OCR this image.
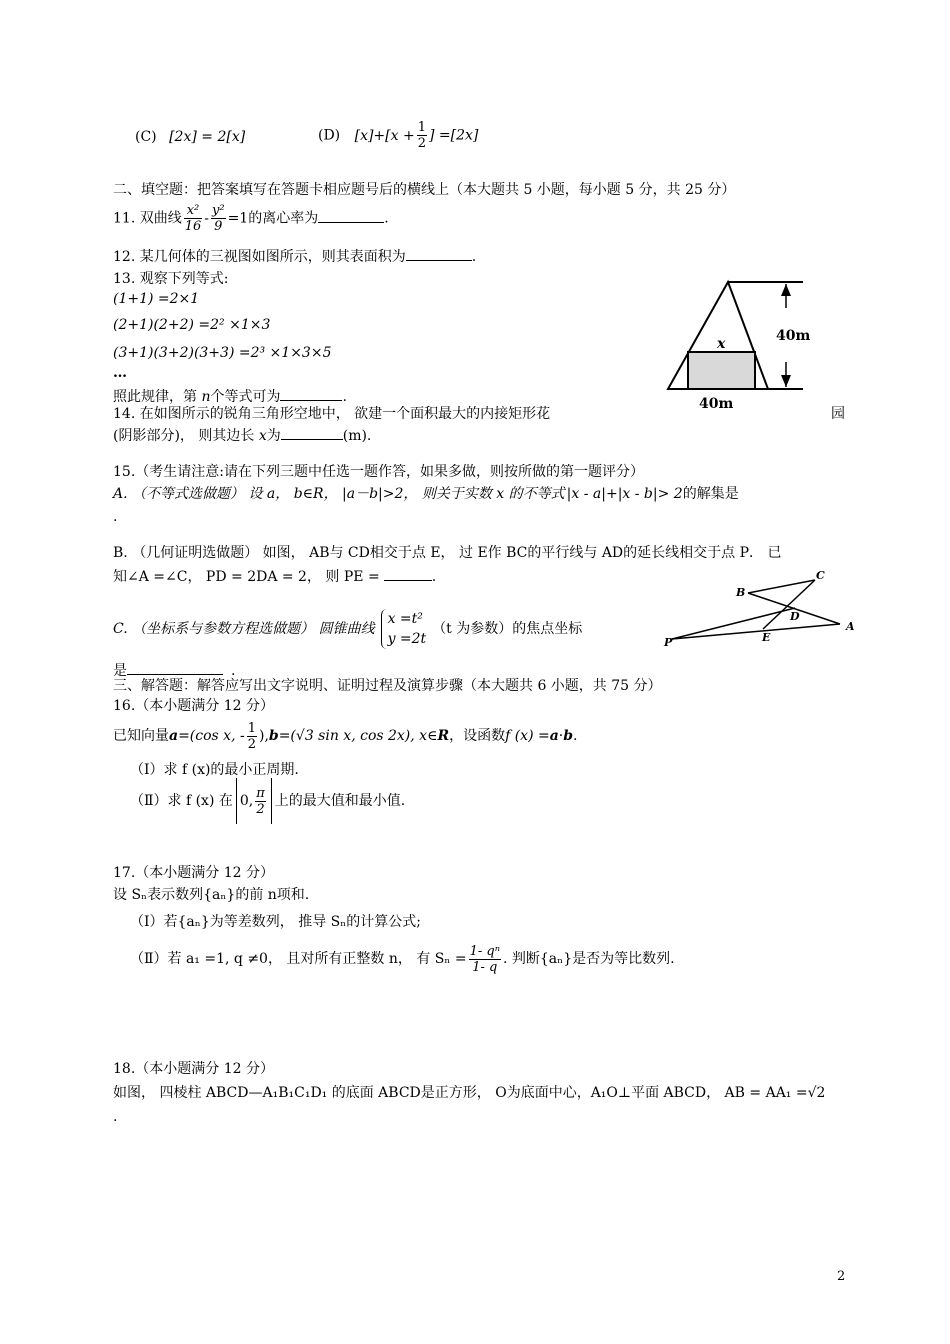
(C) [2x] = 2[x]	(D) $[x]+[x + \frac{1}{2}$ ] =[2x]
二、填空题：把答案填写在答题卡相应题号后的横线上（本大题共 5 小题，每小题 5 分，共 25 分）
11. 双曲线 $\frac{\text{x²}}{16} - \frac{\text{y²}}{9} =1$的离心率为	.
12. 某几何体的三视图如图所示，则其表面积为	.
13. 观察下列等式:
(1+1) =2×1
(2+1)(2+2) =2² ×1×3
(3+1)(3+2)(3+3) =2³ ×1×3×5
…
照此规律，第 n个等式可为	.
14. 在如图所示的锐角三角形空地中， 欲建一个面积最大的内接矩形花	园
(阴影部分)， 则其边长 x为	(m).
x	40m
40m
15.（考生请注意:请在下列三题中任选一题作答，如果多做，则按所做的第一题评分）
A. （不等式选做题） 设 a， b∈R， |a－b|>2， 则关于实数 x 的不等式 |x - a|+|x - b|> 2的解集是
.
B. （几何证明选做题） 如图， AB与 CD相交于点 E， 过 E作 BC的平行线与 AD的延长线相交于点 P． 已
知∠A =∠C， PD = 2DA = 2， 则 PE =	.
C. （坐标系与参数方程选做题） 圆锥曲线
x =t²
y =2t
（t 为参数）的焦点坐标
是	.
B
C
D
A
P	E
三、解答题：解答应写出文字说明、证明过程及演算步骤（本大题共 6 小题，共 75 分）
16.（本小题满分 12 分）
已知向量a=(cos x, - $\frac{1}{2} ),b=(√3$ sin x, cos 2x), x∈R，设函数f (x) =a·b.
（Ⅰ）求 f (x)的最小正周期.
（Ⅱ）求 f (x) 在 0, $\frac{\pi}{2}$ 上的最大值和最小值.
17.（本小题满分 12 分）
设 Sₙ表示数列{aₙ}的前 n项和.
（Ⅰ）若{aₙ}为等差数列， 推导 Sₙ的计算公式;
（Ⅱ）若 a₁ =1, q ≠0， 且对所有正整数 n， 有 $S_n = \frac{\text{1- qⁿ}}{1- q}$ . 判断{aₙ}是否为等比数列.
18.（本小题满分 12 分）
如图， 四棱柱 ABCD—A₁B₁C₁D₁ 的底面 ABCD是正方形， O为底面中心，A₁O⊥平面 ABCD， AB = AA₁ =√2
.
2
